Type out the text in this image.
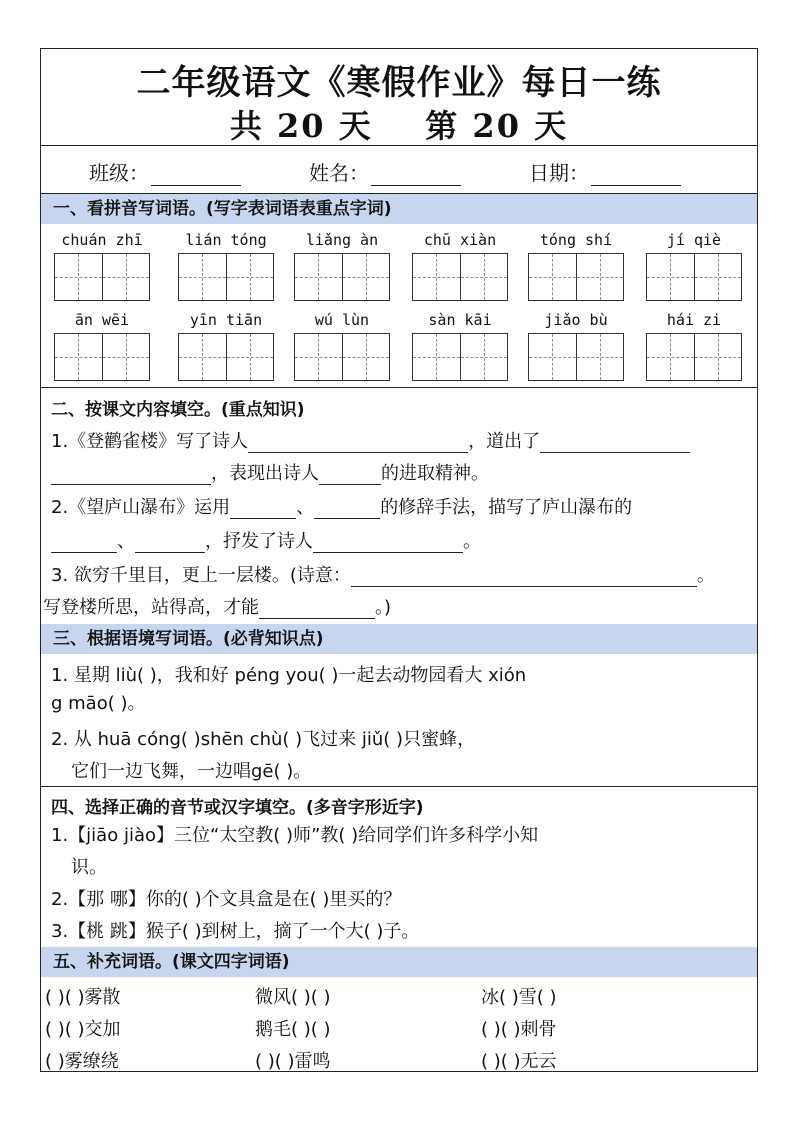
二年级语文《寒假作业》每日一练
共 20 天 第 20 天
班级：	姓名：	日期：
一、看拼音写词语。(写字表词语表重点字词)
chuán zhī	lián tóng	liǎng àn	chū xiàn	tóng shí	jí qiè
ān wēi	yīn tiān	wú lùn	sàn kāi	jiǎo bù	hái zi
二、按课文内容填空。(重点知识)
1.《登鹳雀楼》写了诗人	，道出了
，表现出诗人	的进取精神。
2.《望庐山瀑布》运用	、	的修辞手法，描写了庐山瀑布的
、	，抒发了诗人	。
3. 欲穷千里目，更上一层楼。(诗意：	。
写登楼所思，站得高，才能	。)
三、根据语境写词语。(必背知识点)
1. 星期 liù( )，我和好 péng you( )一起去动物园看大 xión
g māo( )。
2. 从 huā cóng( )shēn chù( )飞过来 jiǔ( )只蜜蜂，
它们一边飞舞，一边唱gē( )。
四、选择正确的音节或汉字填空。(多音字形近字)
1.【jiāo jiào】三位“太空教( )师”教( )给同学们许多科学小知
识。
2.【那 哪】你的( )个文具盒是在( )里买的？
3.【桃 跳】猴子( )到树上，摘了一个大( )子。
五、补充词语。(课文四字词语)
( )( )雾散	微风( )( )	冰( )雪( )
( )( )交加	鹅毛( )( )	( )( )刺骨
( )雾缭绕	( )( )雷鸣	( )( )无云
